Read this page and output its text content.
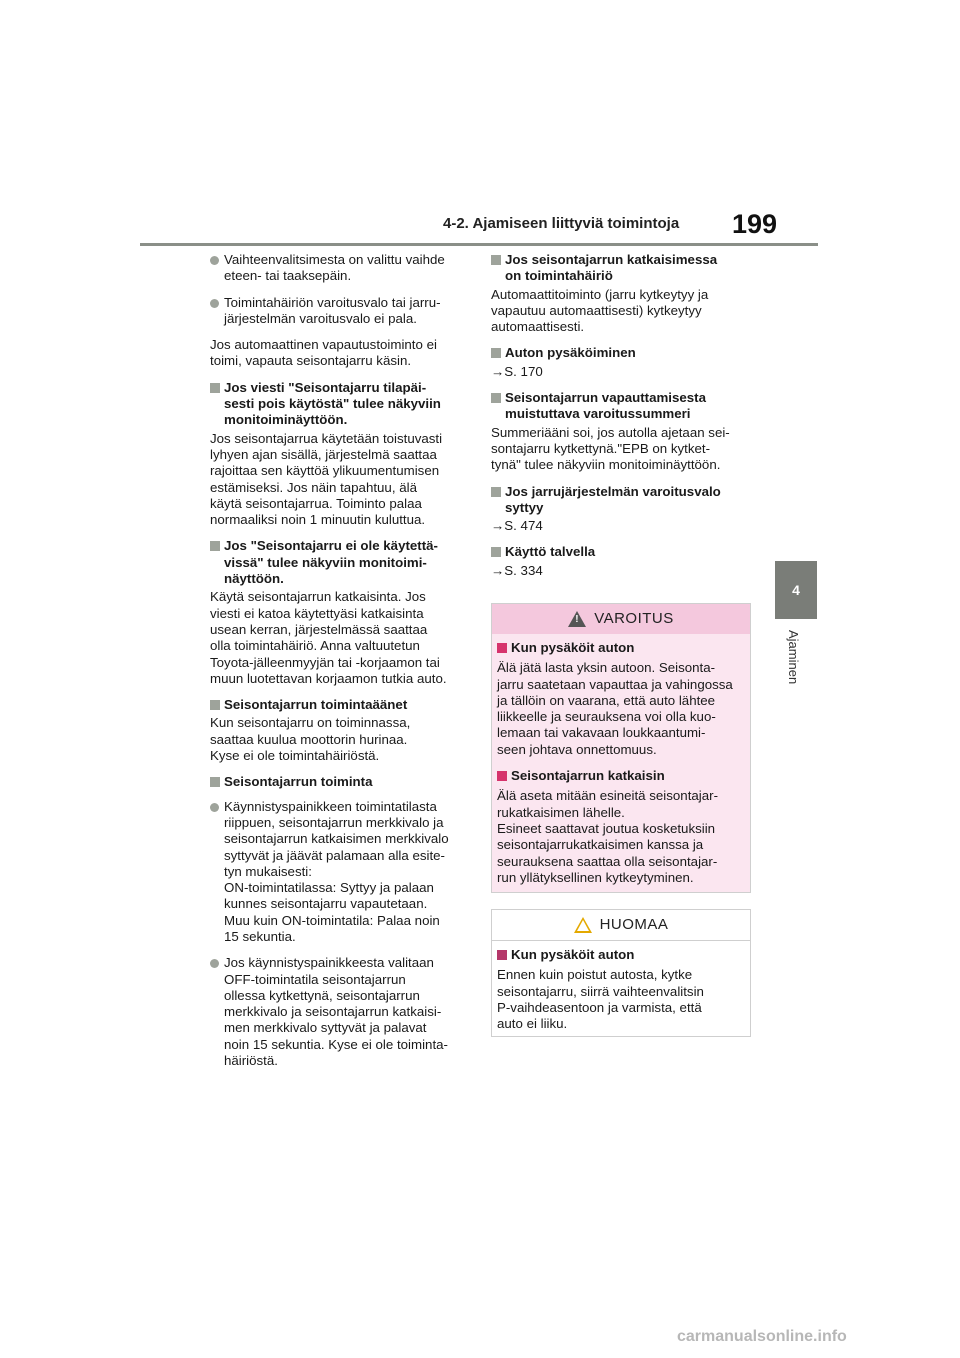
4-2. Ajamiseen liittyviä toimintoja 199
4
Ajaminen
Vaihteenvalitsimesta on valittu vaihde
eteen- tai taaksepäin.
Toimintahäiriön varoitusvalo tai jarru-
järjestelmän varoitusvalo ei pala.
Jos automaattinen vapautustoiminto ei
toimi, vapauta seisontajarru käsin.
Jos viesti "Seisontajarru tilapäi-
sesti pois käytöstä" tulee näkyviin
monitoiminäyttöön.
Jos seisontajarrua käytetään toistuvasti
lyhyen ajan sisällä, järjestelmä saattaa
rajoittaa sen käyttöä ylikuumentumisen
estämiseksi. Jos näin tapahtuu, älä
käytä seisontajarrua. Toiminto palaa
normaaliksi noin 1 minuutin kuluttua.
Jos "Seisontajarru ei ole käytettä-
vissä" tulee näkyviin monitoimi-
näyttöön.
Käytä seisontajarrun katkaisinta. Jos
viesti ei katoa käytettyäsi katkaisinta
usean kerran, järjestelmässä saattaa
olla toimintahäiriö. Anna valtuutetun
Toyota-jälleenmyyjän tai -korjaamon tai
muun luotettavan korjaamon tutkia auto.
Seisontajarrun toimintaäänet
Kun seisontajarru on toiminnassa,
saattaa kuulua moottorin hurinaa.
Kyse ei ole toimintahäiriöstä.
Seisontajarrun toiminta
Käynnistyspainikkeen toimintatilasta
riippuen, seisontajarrun merkkivalo ja
seisontajarrun katkaisimen merkkivalo
syttyvät ja jäävät palamaan alla esite-
tyn mukaisesti:
ON-toimintatilassa: Syttyy ja palaan
kunnes seisontajarru vapautetaan.
Muu kuin ON-toimintatila: Palaa noin
15 sekuntia.
Jos käynnistyspainikkeesta valitaan
OFF-toimintatila seisontajarrun
ollessa kytkettynä, seisontajarrun
merkkivalo ja seisontajarrun katkaisi-
men merkkivalo syttyvät ja palavat
noin 15 sekuntia. Kyse ei ole toiminta-
häiriöstä.
Jos seisontajarrun katkaisimessa
on toimintahäiriö
Automaattitoiminto (jarru kytkeytyy ja
vapautuu automaattisesti) kytkeytyy
automaattisesti.
Auton pysäköiminen
→S. 170
Seisontajarrun vapauttamisesta
muistuttava varoitussummeri
Summeriääni soi, jos autolla ajetaan sei-
sontajarru kytkettynä."EPB on kytket-
tynä" tulee näkyviin monitoiminäyttöön.
Jos jarrujärjestelmän varoitusvalo
syttyy
→S. 474
Käyttö talvella
→S. 334
! VAROITUS
Kun pysäköit auton
Älä jätä lasta yksin autoon. Seisonta-
jarru saatetaan vapauttaa ja vahingossa
ja tällöin on vaarana, että auto lähtee
liikkeelle ja seurauksena voi olla kuo-
lemaan tai vakavaan loukkaantumi-
seen johtava onnettomuus.
Seisontajarrun katkaisin
Älä aseta mitään esineitä seisontajar-
rukatkaisimen lähelle.
Esineet saattavat joutua kosketuksiin
seisontajarrukatkaisimen kanssa ja
seurauksena saattaa olla seisontajar-
run yllätyksellinen kytkeytyminen.
HUOMAA
Kun pysäköit auton
Ennen kuin poistut autosta, kytke
seisontajarru, siirrä vaihteenvalitsin
P-vaihdeasentoon ja varmista, että
auto ei liiku.
carmanualsonline.info
